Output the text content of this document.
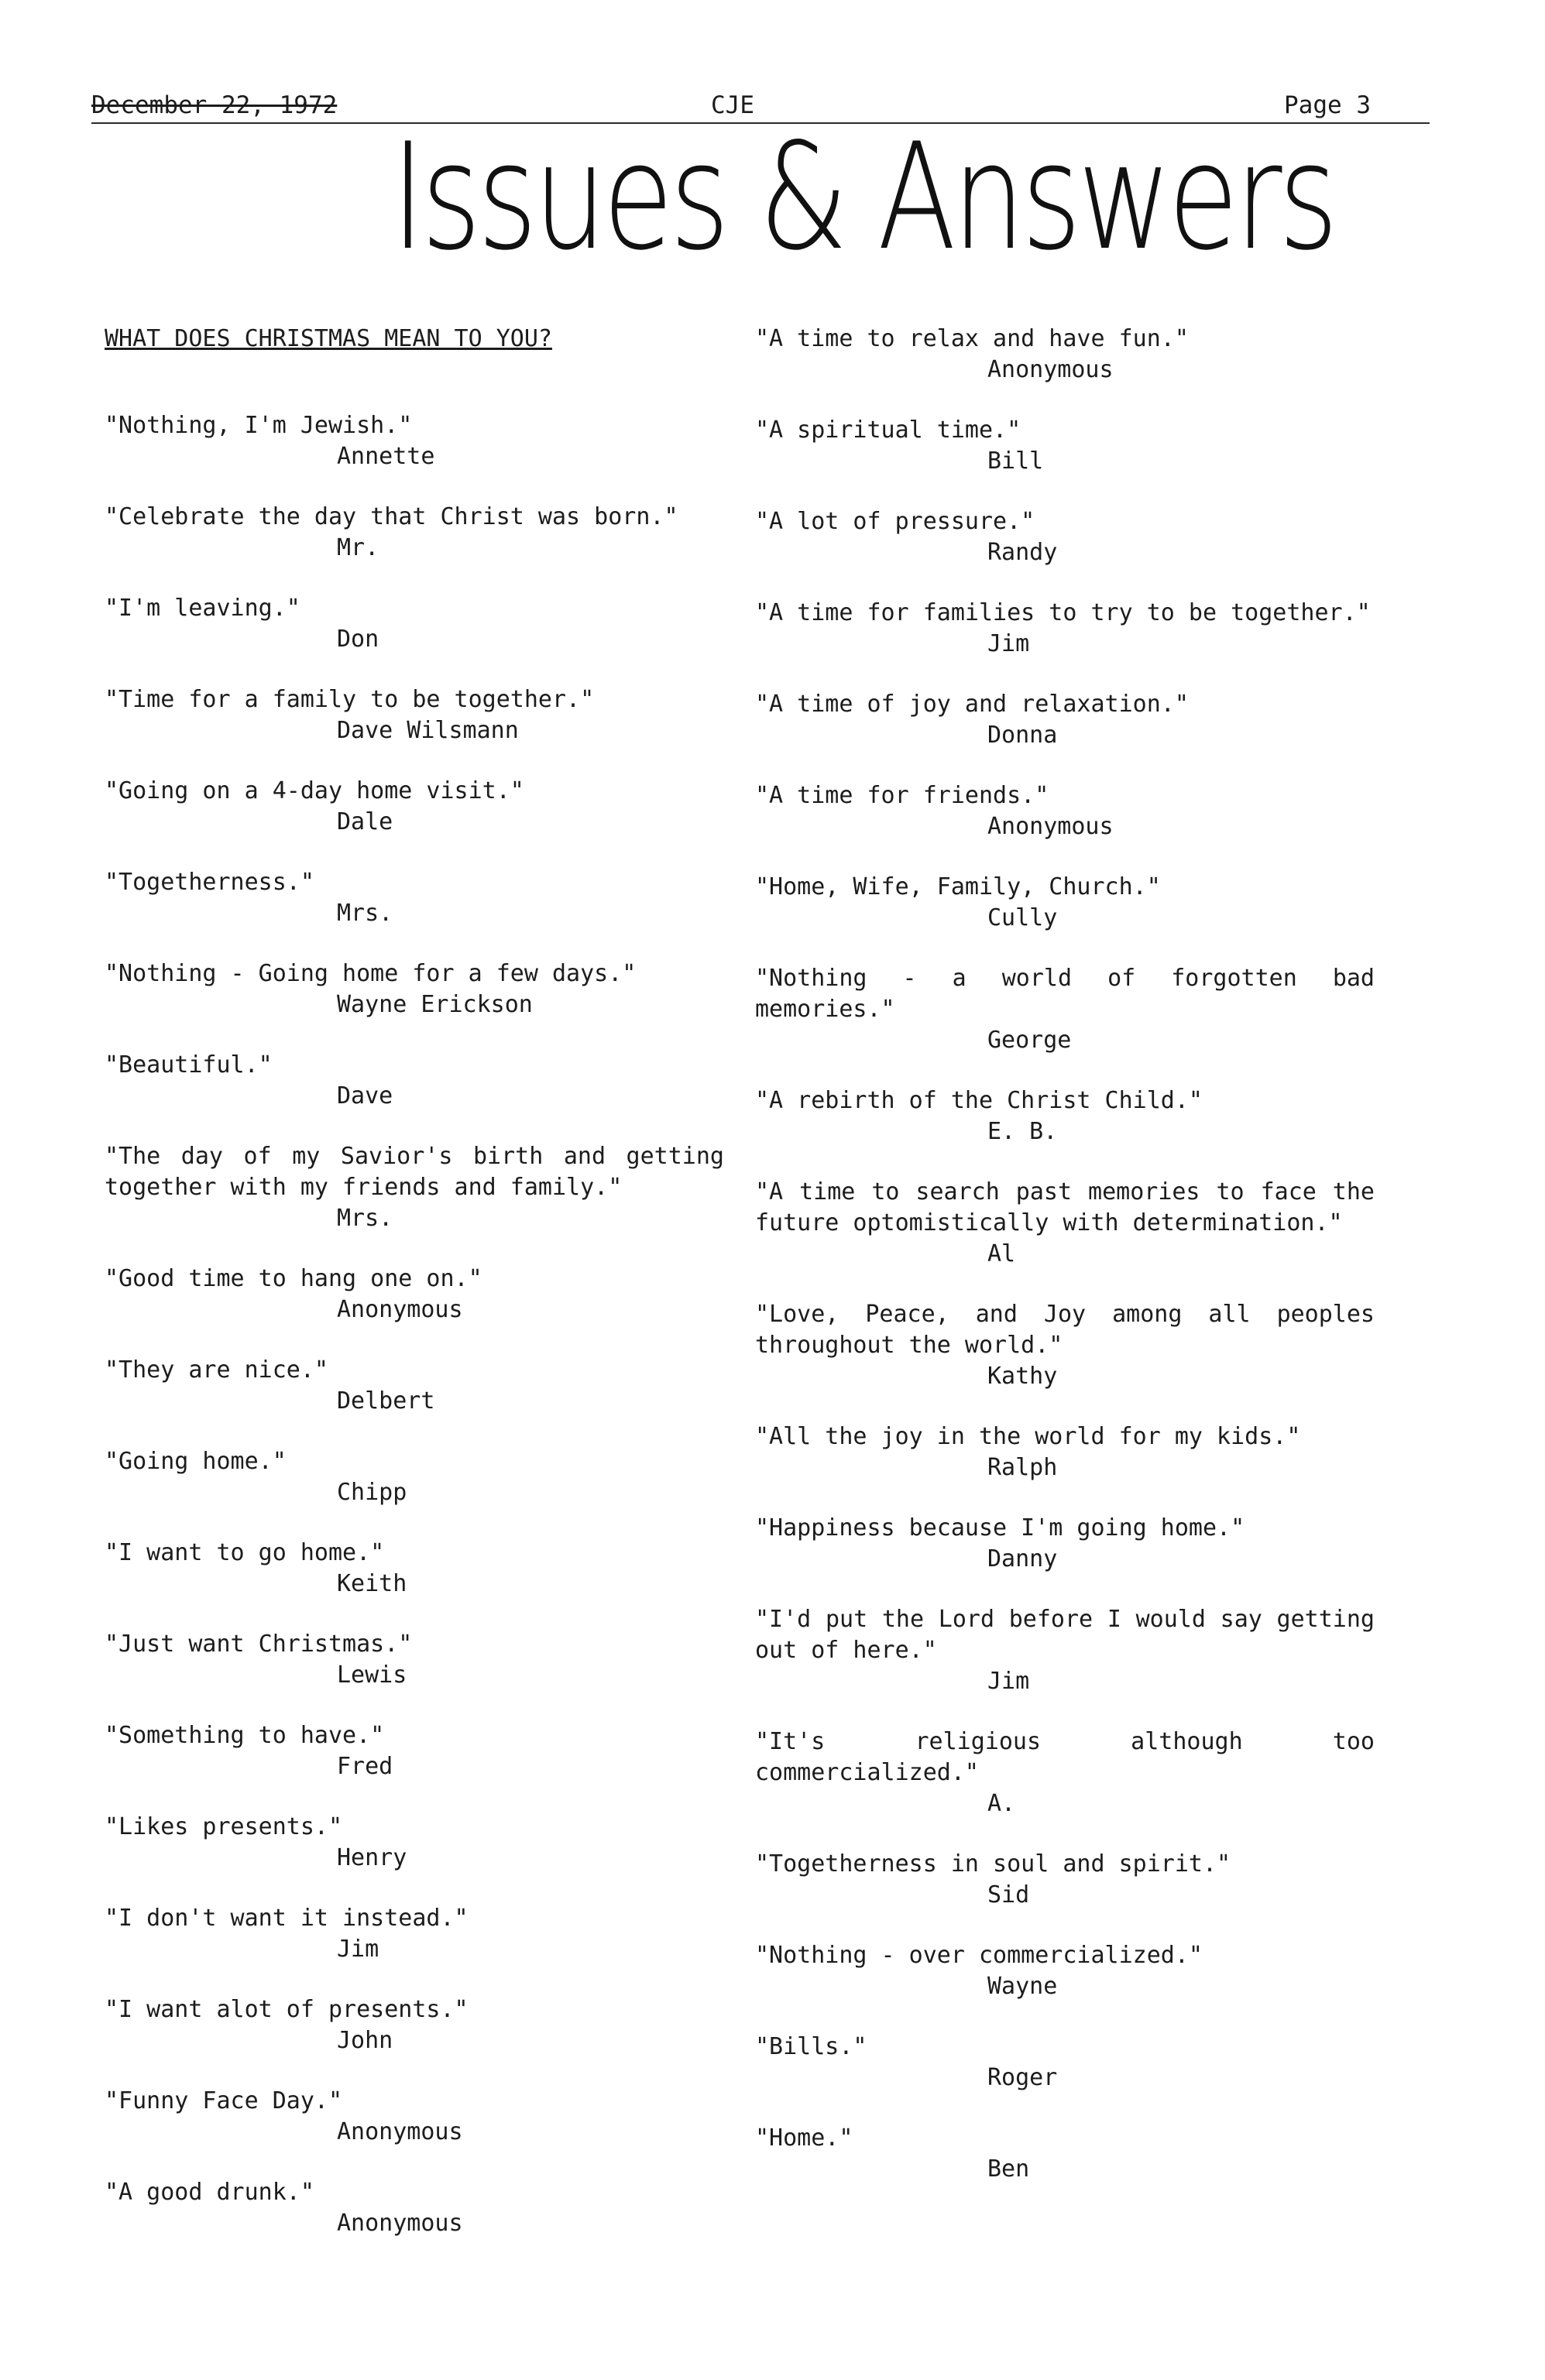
December 22, 1972	CJE	Page 3
Issues & Answers
WHAT DOES CHRISTMAS MEAN TO YOU?
"Nothing, I'm Jewish."
Annette
"Celebrate the day that Christ was born."
Mr.
"I'm leaving."
Don
"Time for a family to be together."
Dave Wilsmann
"Going on a 4-day home visit."
Dale
"Togetherness."
Mrs.
"Nothing - Going home for a few days."
Wayne Erickson
"Beautiful."
Dave
"The day of my Savior's birth and getting together with my friends and family."
Mrs.
"Good time to hang one on."
Anonymous
"They are nice."
Delbert
"Going home."
Chipp
"I want to go home."
Keith
"Just want Christmas."
Lewis
"Something to have."
Fred
"Likes presents."
Henry
"I don't want it instead."
Jim
"I want alot of presents."
John
"Funny Face Day."
Anonymous
"A good drunk."
Anonymous
"A time to relax and have fun."
Anonymous
"A spiritual time."
Bill
"A lot of pressure."
Randy
"A time for families to try to be together."
Jim
"A time of joy and relaxation."
Donna
"A time for friends."
Anonymous
"Home, Wife, Family, Church."
Cully
"Nothing - a world of forgotten bad memories."
George
"A rebirth of the Christ Child."
E. B.
"A time to search past memories to face the future optomistically with determination."
Al
"Love, Peace, and Joy among all peoples throughout the world."
Kathy
"All the joy in the world for my kids."
Ralph
"Happiness because I'm going home."
Danny
"I'd put the Lord before I would say getting out of here."
Jim
"It's religious although too commercialized."
A.
"Togetherness in soul and spirit."
Sid
"Nothing - over commercialized."
Wayne
"Bills."
Roger
"Home."
Ben
